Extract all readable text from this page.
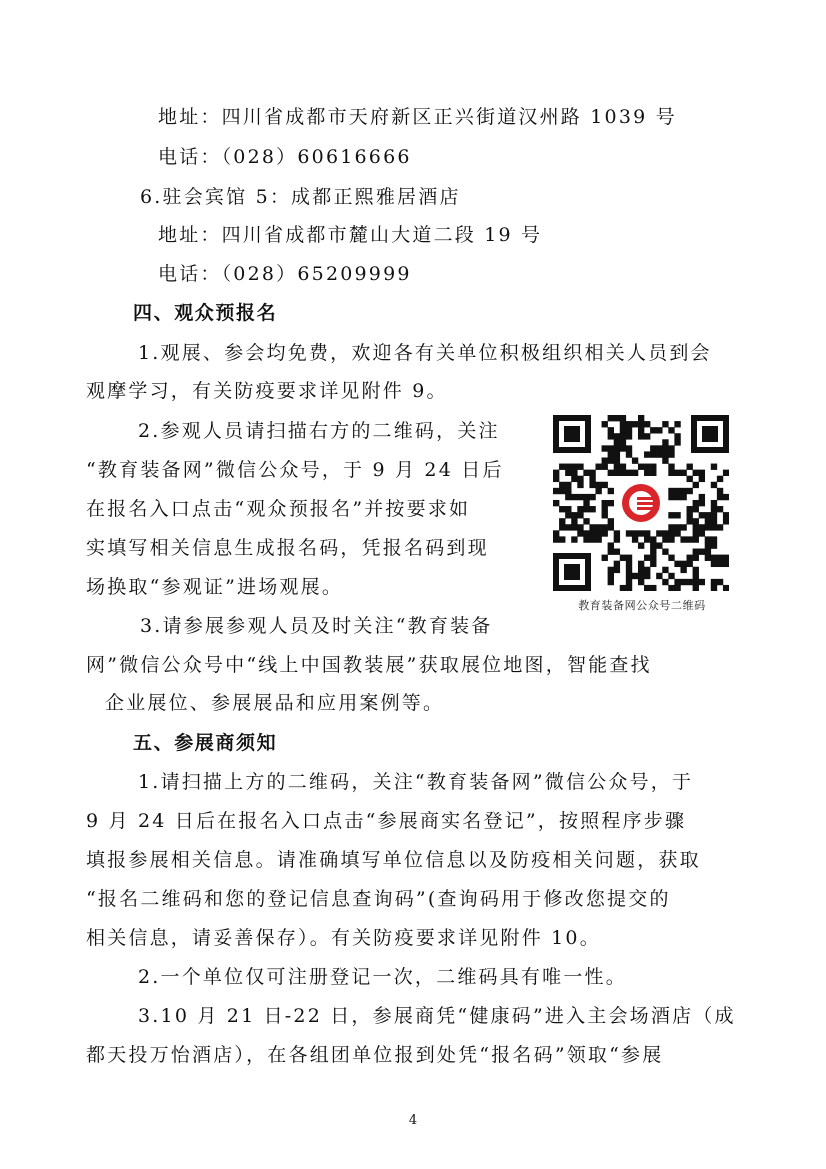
地址：四川省成都市天府新区正兴街道汉州路 1039 号
电话：（028）60616666
6.驻会宾馆 5：成都正熙雅居酒店
地址：四川省成都市麓山大道二段 19 号
电话：（028）65209999
四、观众预报名
1.观展、参会均免费，欢迎各有关单位积极组织相关人员到会
观摩学习，有关防疫要求详见附件 9。
2.参观人员请扫描右方的二维码，关注
“教育装备网”微信公众号，于 9 月 24 日后
在报名入口点击“观众预报名”并按要求如
实填写相关信息生成报名码，凭报名码到现
场换取“参观证”进场观展。
教育装备网公众号二维码
3.请参展参观人员及时关注“教育装备
网”微信公众号中“线上中国教装展”获取展位地图，智能查找
企业展位、参展展品和应用案例等。
五、参展商须知
1.请扫描上方的二维码，关注“教育装备网”微信公众号，于
9 月 24 日后在报名入口点击“参展商实名登记”，按照程序步骤
填报参展相关信息。请准确填写单位信息以及防疫相关问题，获取
“报名二维码和您的登记信息查询码”(查询码用于修改您提交的
相关信息，请妥善保存）。有关防疫要求详见附件 10。
2.一个单位仅可注册登记一次，二维码具有唯一性。
3.10 月 21 日-22 日，参展商凭“健康码”进入主会场酒店（成
都天投万怡酒店），在各组团单位报到处凭“报名码”领取“参展
4
